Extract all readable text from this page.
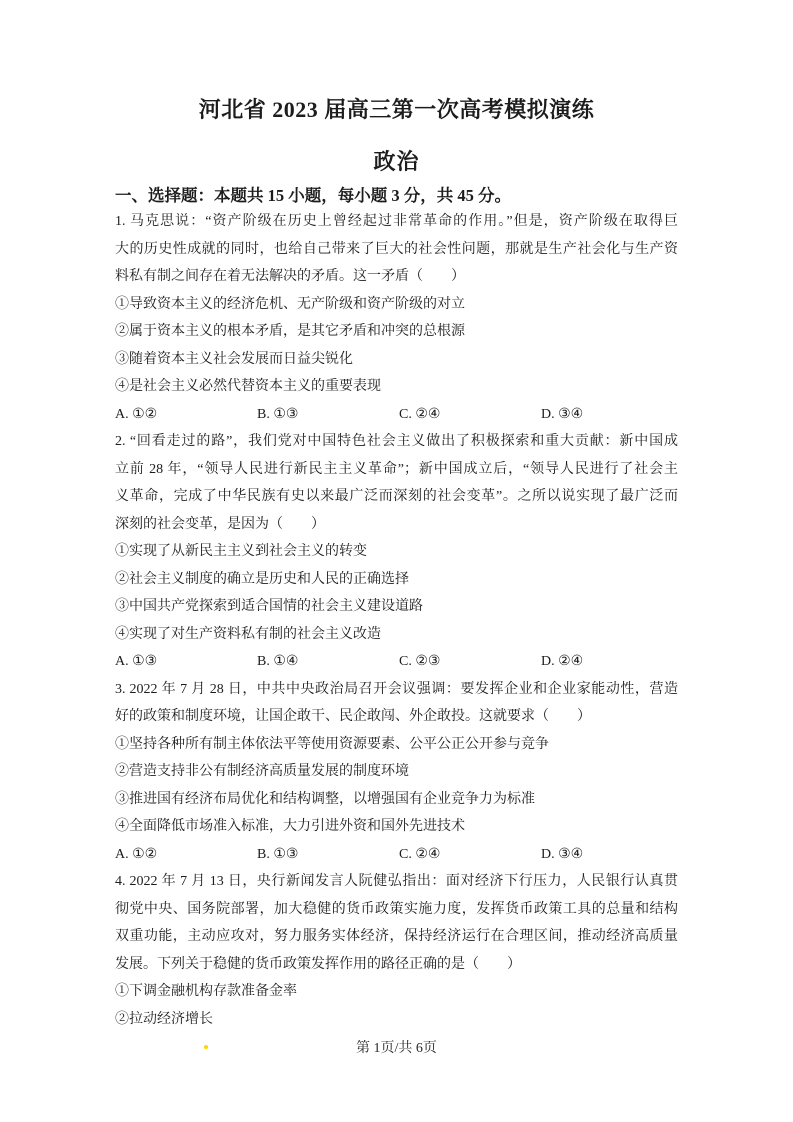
河北省 2023 届高三第一次高考模拟演练
政治
一、选择题：本题共 15 小题，每小题 3 分，共 45 分。
1. 马克思说：“资产阶级在历史上曾经起过非常革命的作用。”但是，资产阶级在取得巨
大的历史性成就的同时，也给自己带来了巨大的社会性问题，那就是生产社会化与生产资
料私有制之间存在着无法解决的矛盾。这一矛盾（　　）
①导致资本主义的经济危机、无产阶级和资产阶级的对立
②属于资本主义的根本矛盾，是其它矛盾和冲突的总根源
③随着资本主义社会发展而日益尖锐化
④是社会主义必然代替资本主义的重要表现
A. ①②	B. ①③	C. ②④	D. ③④
2. “回看走过的路”，我们党对中国特色社会主义做出了积极探索和重大贡献：新中国成
立前 28 年，“领导人民进行新民主主义革命”；新中国成立后，“领导人民进行了社会主
义革命，完成了中华民族有史以来最广泛而深刻的社会变革”。之所以说实现了最广泛而
深刻的社会变革，是因为（　　）
①实现了从新民主主义到社会主义的转变
②社会主义制度的确立是历史和人民的正确选择
③中国共产党探索到适合国情的社会主义建设道路
④实现了对生产资料私有制的社会主义改造
A. ①③	B. ①④	C. ②③	D. ②④
3. 2022 年 7 月 28 日，中共中央政治局召开会议强调：要发挥企业和企业家能动性，营造
好的政策和制度环境，让国企敢干、民企敢闯、外企敢投。这就要求（　　）
①坚持各种所有制主体依法平等使用资源要素、公平公正公开参与竞争
②营造支持非公有制经济高质量发展的制度环境
③推进国有经济布局优化和结构调整，以增强国有企业竞争力为标准
④全面降低市场准入标准，大力引进外资和国外先进技术
A. ①②	B. ①③	C. ②④	D. ③④
4. 2022 年 7 月 13 日，央行新闻发言人阮健弘指出：面对经济下行压力，人民银行认真贯
彻党中央、国务院部署，加大稳健的货币政策实施力度，发挥货币政策工具的总量和结构
双重功能，主动应攻对，努力服务实体经济，保持经济运行在合理区间，推动经济高质量
发展。下列关于稳健的货币政策发挥作用的路径正确的是（　　）
①下调金融机构存款准备金率
②拉动经济增长
第 1页/共 6页
